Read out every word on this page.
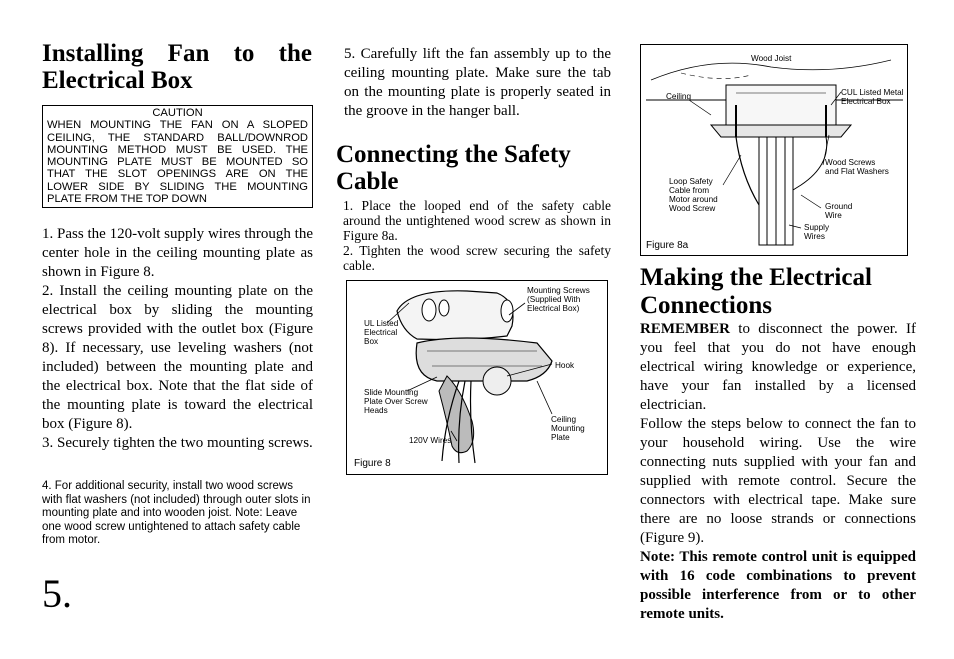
Installing Fan to the
Electrical Box
CAUTION
WHEN MOUNTING THE FAN ON A SLOPED CEILING, THE STANDARD BALL/DOWNROD MOUNTING METHOD MUST BE USED. THE MOUNTING PLATE MUST BE MOUNTED SO THAT THE SLOT OPENINGS ARE ON THE LOWER SIDE BY SLIDING THE MOUNTING PLATE FROM THE TOP DOWN

1. Pass the 120-volt supply wires through the center hole in the ceiling mounting plate as shown in Figure 8.

2. Install the ceiling mounting plate on the electrical box by sliding the mounting screws provided with the outlet box (Figure 8). If necessary, use leveling washers (not included) between the mounting plate and the electrical box. Note that the flat side of the mounting plate is toward the electrical box (Figure 8).

3. Securely tighten the two mounting screws.

4. For additional security, install two wood screws with flat washers (not included) through outer slots in mounting plate and into wooden joist. Note: Leave one wood screw untightened to attach safety cable from motor.
5.
5. Carefully lift the fan assembly up to the ceiling mounting plate. Make sure the tab on the mounting plate is properly seated in the groove in the hanger ball.
Connecting the Safety
Cable
1. Place the looped end of the safety cable around the untightened wood screw as shown in Figure 8a.
2. Tighten the wood screw securing the safety cable.
Mounting Screws (Supplied With Electrical Box)
UL Listed Electrical Box
Hook
Slide Mounting Plate Over Screw Heads
Ceiling Mounting Plate
120V Wires
Figure 8
Wood Joist
Ceiling	CUL Listed Metal Electrical Box
Wood Screws and Flat Washers
Loop Safety Cable from Motor around Wood Screw	Ground Wire
Supply Wires
Figure 8a
Making the Electrical
Connections

REMEMBER to disconnect the power. If you feel that you do not have enough electrical wiring knowledge or experience, have your fan installed by a licensed electrician.

Follow the steps below to connect the fan to your household wiring. Use the wire connecting nuts supplied with your fan and supplied with remote control. Secure the connectors with electrical tape. Make sure there are no loose strands or connections (Figure 9).

Note: This remote control unit is equipped with 16 code combinations to prevent possible interference from or to other remote units.
